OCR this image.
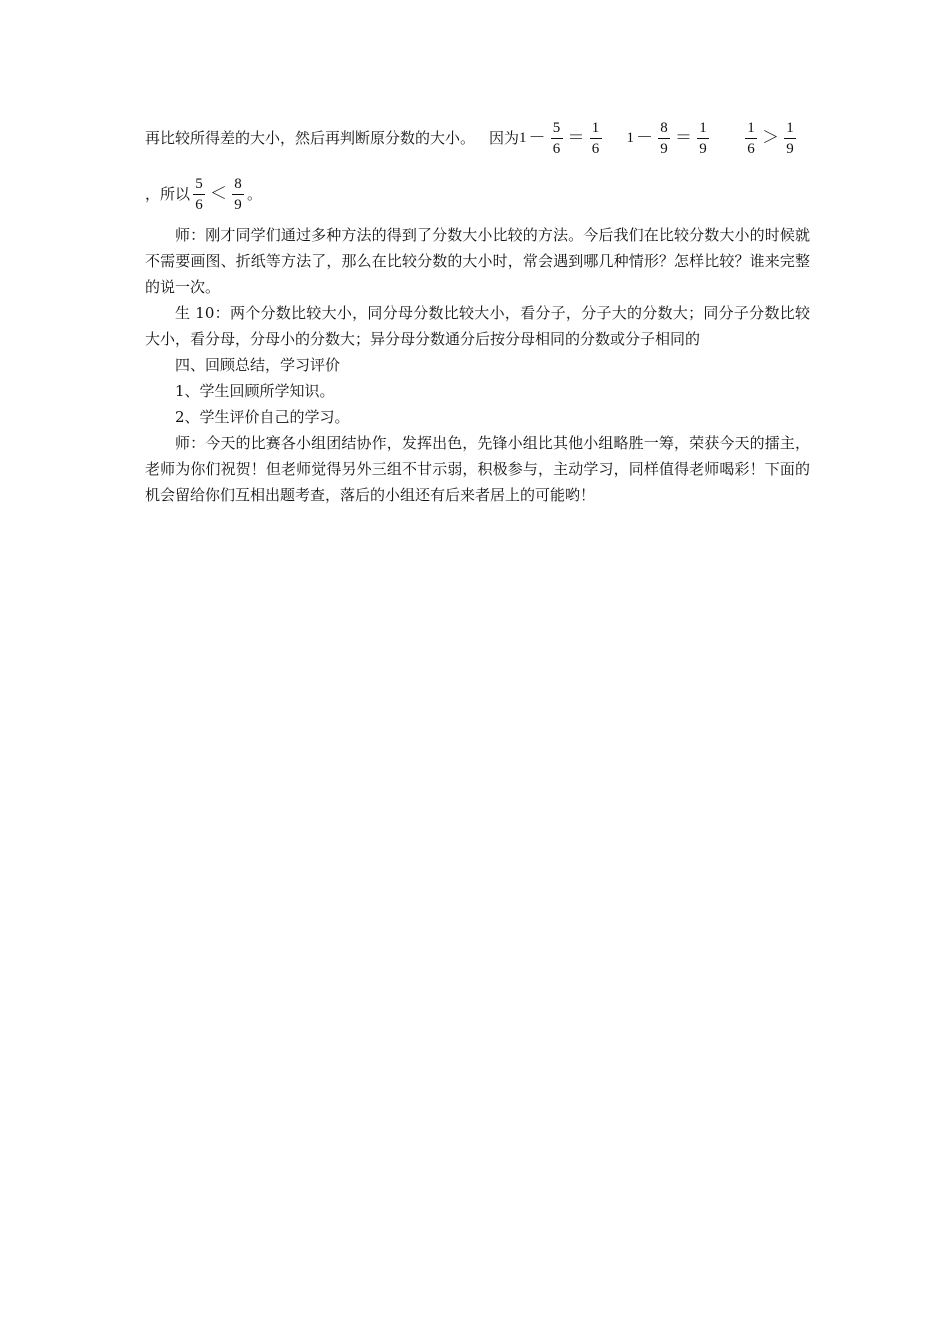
再比较所得差的大小，然后再判断原分数的大小。 因为 $1 - \frac{5}{6} = \frac{1}{6} 1 - \frac{8}{9} = \frac{1}{9} \frac{1}{6} > \frac{1}{9}$
，所以 $\frac{5}{6} < \frac{8}{9}$ 。

师：刚才同学们通过多种方法的得到了分数大小比较的方法。今后我们在比较分数大小的时候就不需要画图、折纸等方法了，那么在比较分数的大小时，常会遇到哪几种情形？怎样比较？谁来完整的说一次。

生 10：两个分数比较大小，同分母分数比较大小，看分子，分子大的分数大；同分子分数比较大小，看分母，分母小的分数大；异分母分数通分后按分母相同的分数或分子相同的

四、回顾总结，学习评价
1、学生回顾所学知识。
2、学生评价自己的学习。

师：今天的比赛各小组团结协作，发挥出色，先锋小组比其他小组略胜一筹，荣获今天的擂主，老师为你们祝贺！但老师觉得另外三组不甘示弱，积极参与，主动学习，同样值得老师喝彩！下面的机会留给你们互相出题考查，落后的小组还有后来者居上的可能哟！
